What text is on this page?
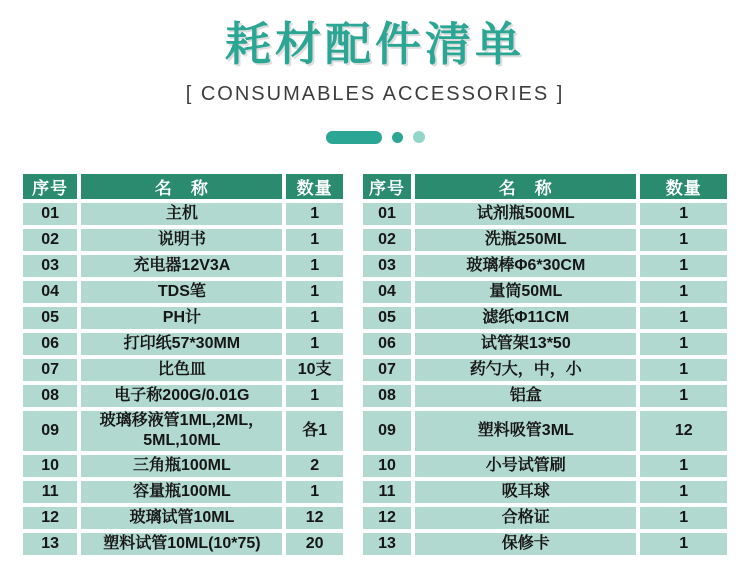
耗材配件清单
[ CONSUMABLES ACCESSORIES ]
序号	名　称	数量		序号	名　称	数量
01	主机	1		01	试剂瓶500ML	1
02	说明书	1		02	洗瓶250ML	1
03	充电器12V3A	1		03	玻璃棒Φ6*30CM	1
04	TDS笔	1		04	量筒50ML	1
05	PH计	1		05	滤纸Φ11CM	1
06	打印纸57*30MM	1		06	试管架13*50	1
07	比色皿	10支		07	药勺大，中，小	1
08	电子称200G/0.01G	1		08	铝盒	1
09	玻璃移液管1ML,2ML，5ML,10ML	各1		09	塑料吸管3ML	12
10	三角瓶100ML	2		10	小号试管刷	1
11	容量瓶100ML	1		11	吸耳球	1
12	玻璃试管10ML	12		12	合格证	1
13	塑料试管10ML(10*75)	20		13	保修卡	1
